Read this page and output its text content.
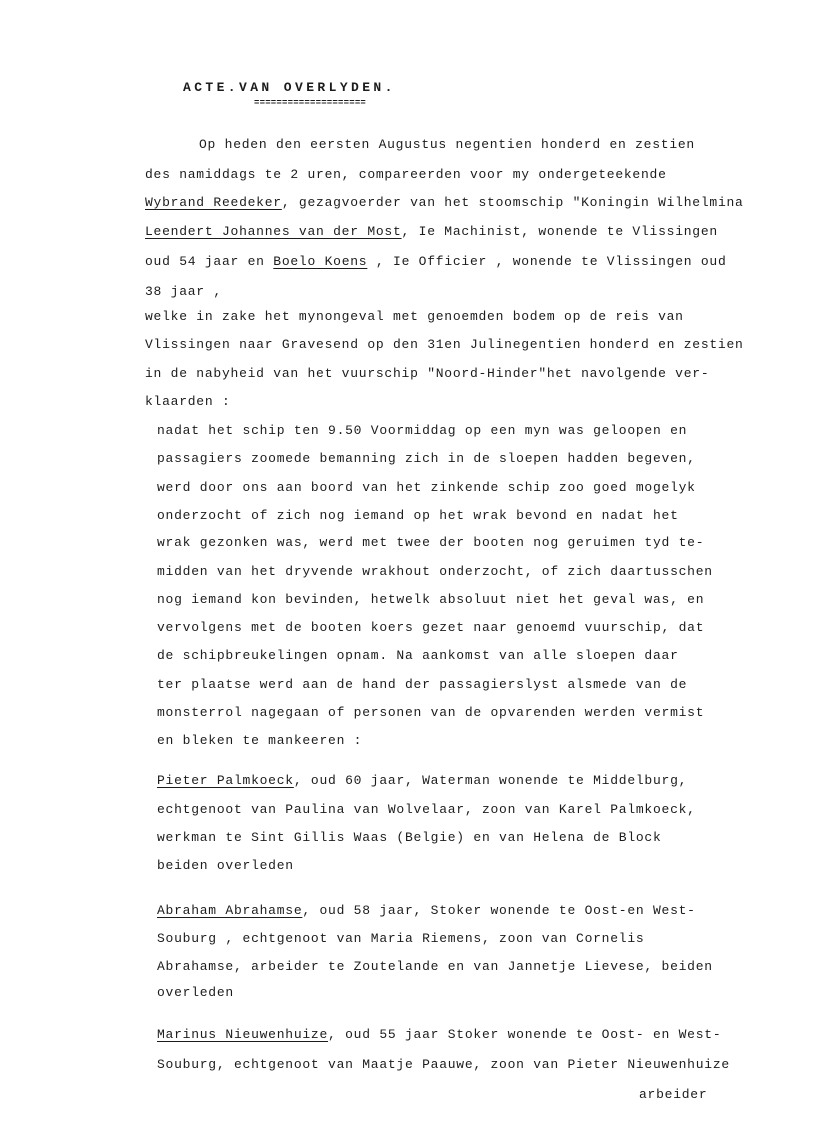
ACTE.VAN OVERLYDEN.
====================
Op heden den eersten Augustus negentien honderd en zestien
des namiddags te 2 uren, compareerden voor my ondergeteekende
Wybrand Reedeker, gezagvoerder van het stoomschip "Koningin Wilhelmina
Leendert Johannes van der Most, Ie Machinist, wonende te Vlissingen
oud 54 jaar en Boelo Koens , Ie Officier , wonende te Vlissingen oud
38 jaar ,
welke in zake het mynongeval met genoemden bodem op de reis van
Vlissingen naar Gravesend op den 31en Julinegentien honderd en zestien
in de nabyheid van het vuurschip "Noord-Hinder"het navolgende ver-
klaarden :
nadat het schip ten 9.50 Voormiddag op een myn was geloopen en
passagiers zoomede bemanning zich in de sloepen hadden begeven,
werd door ons aan boord van het zinkende schip zoo goed mogelyk
onderzocht of zich nog iemand op het wrak bevond en nadat het
wrak gezonken was, werd met twee der booten nog geruimen tyd te-
midden van het dryvende wrakhout onderzocht, of zich daartusschen
nog iemand kon bevinden, hetwelk absoluut niet het geval was, en
vervolgens met de booten koers gezet naar genoemd vuurschip, dat
de schipbreukelingen opnam. Na aankomst van alle sloepen daar
ter plaatse werd aan de hand der passagierslyst alsmede van de
monsterrol nagegaan of personen van de opvarenden werden vermist
en bleken te mankeeren :
Pieter Palmkoeck, oud 60 jaar, Waterman wonende te Middelburg,
echtgenoot van Paulina van Wolvelaar, zoon van Karel Palmkoeck,
werkman te Sint Gillis Waas (Belgie) en van Helena de Block
beiden overleden
Abraham Abrahamse, oud 58 jaar, Stoker wonende te Oost-en West-
Souburg , echtgenoot van Maria Riemens, zoon van Cornelis
Abrahamse, arbeider te Zoutelande en van Jannetje Lievese, beiden
overleden
Marinus Nieuwenhuize, oud 55 jaar Stoker wonende te Oost- en West-
Souburg, echtgenoot van Maatje Paauwe, zoon van Pieter Nieuwenhuize
arbeider
